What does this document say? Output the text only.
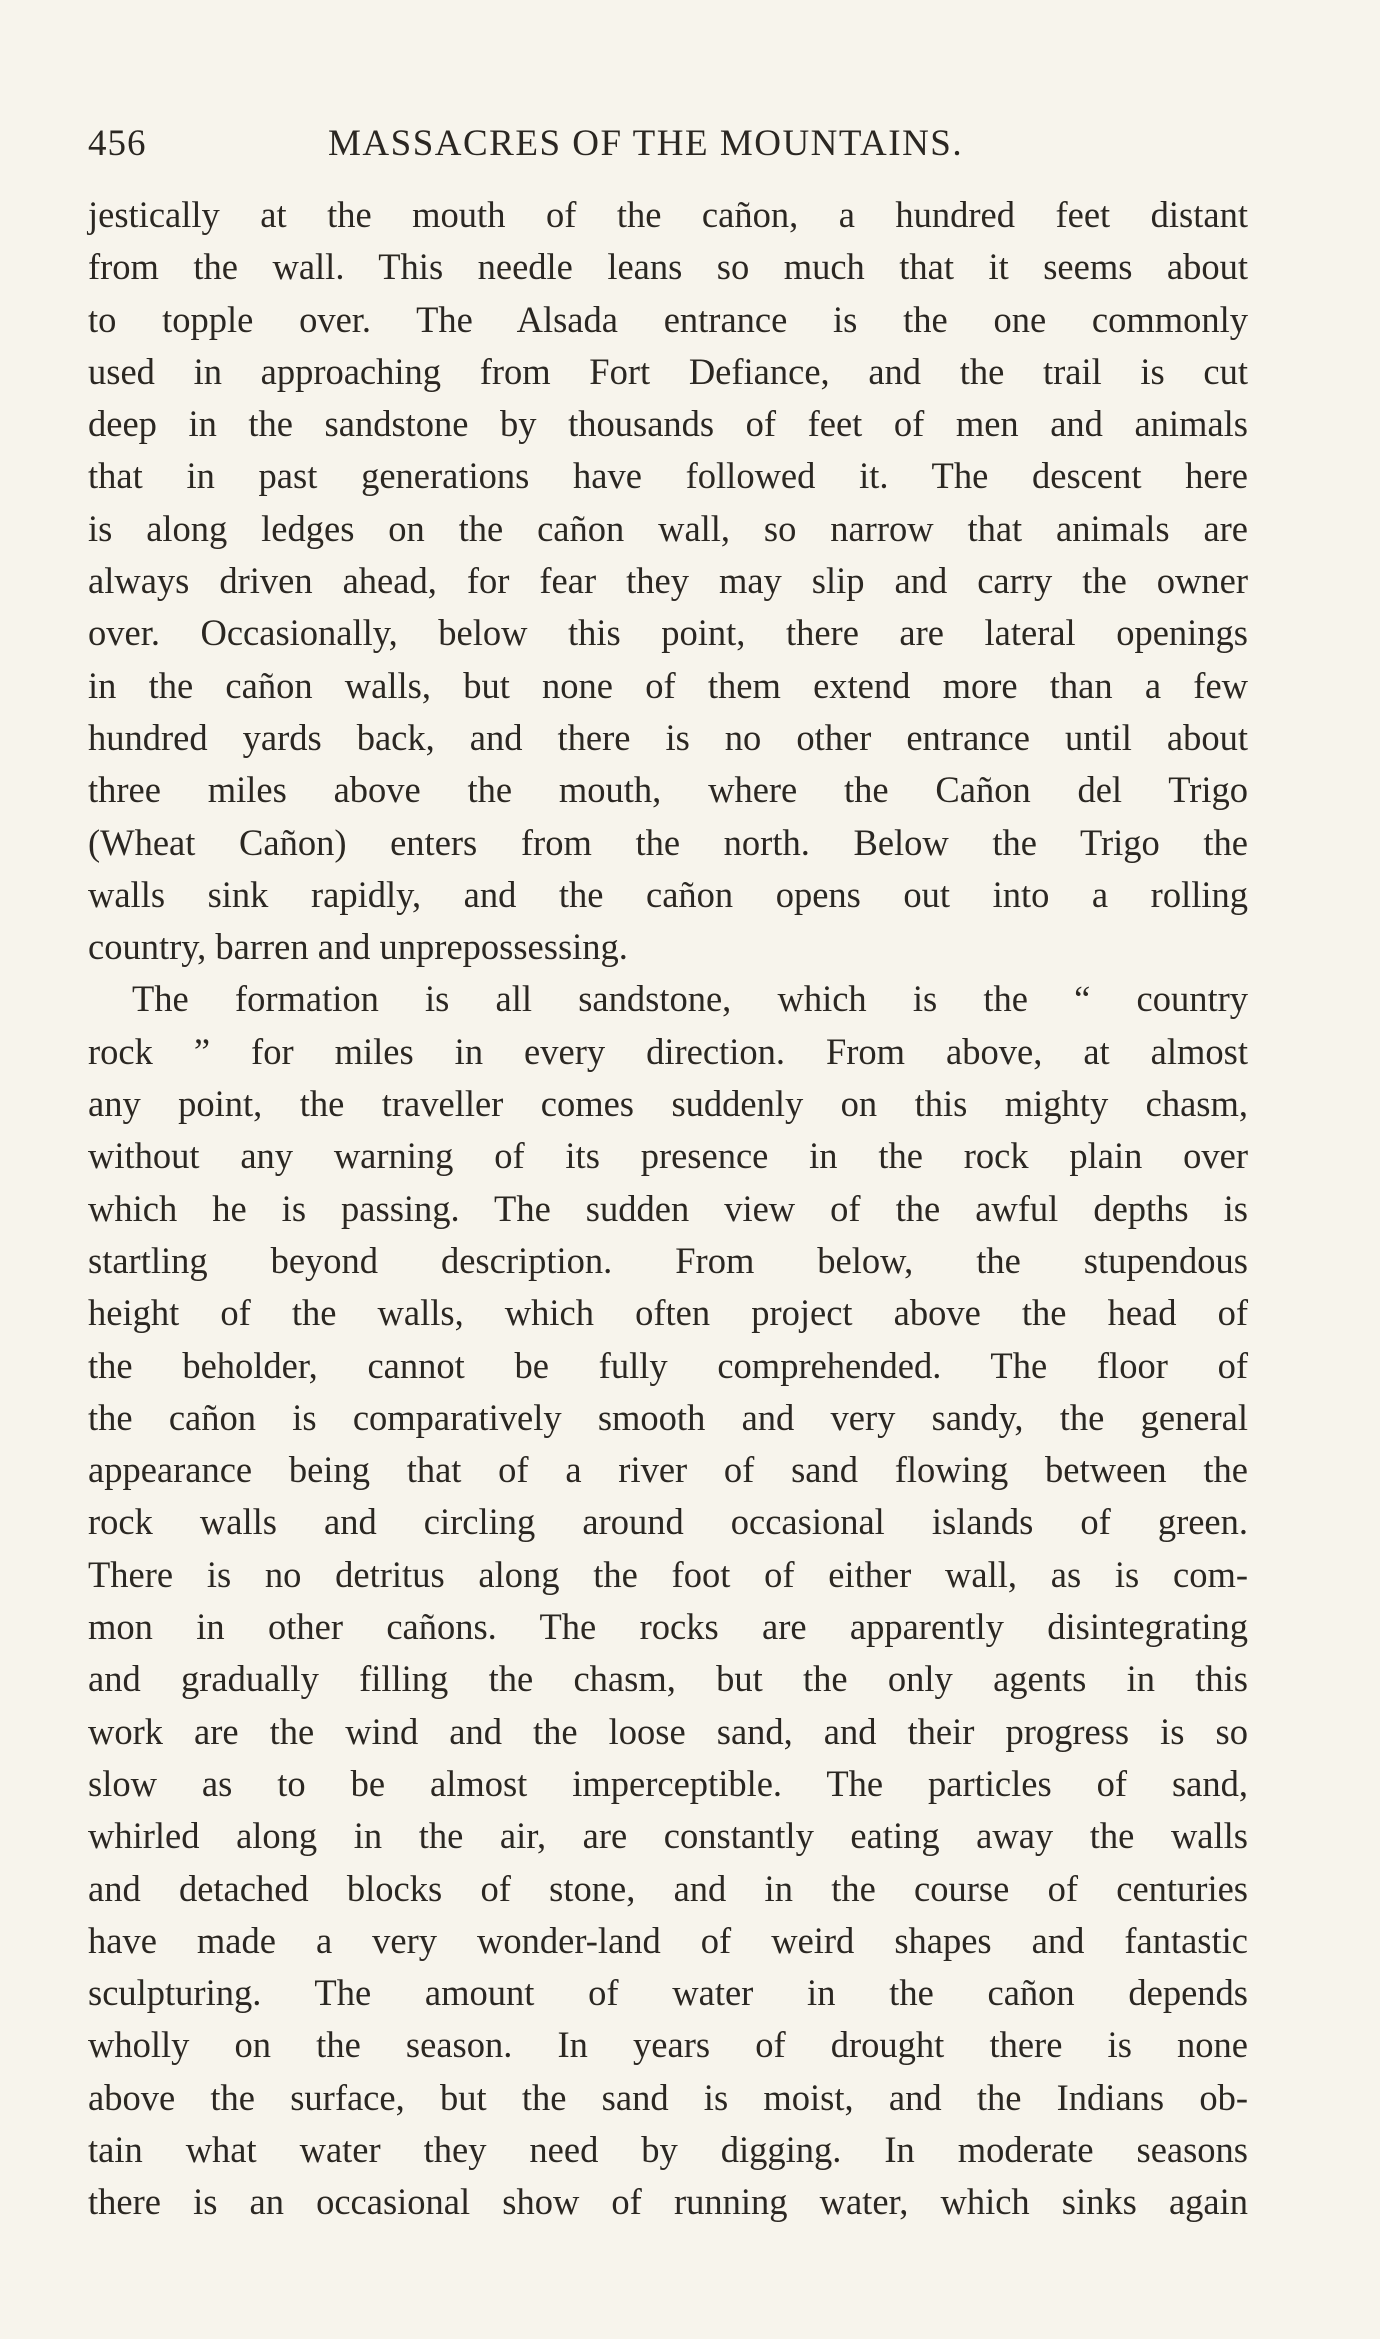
456	MASSACRES OF THE MOUNTAINS.
jestically at the mouth of the cañon, a hundred feet distant
from the wall. This needle leans so much that it seems about
to topple over. The Alsada entrance is the one commonly
used in approaching from Fort Defiance, and the trail is cut
deep in the sandstone by thousands of feet of men and animals
that in past generations have followed it. The descent here
is along ledges on the cañon wall, so narrow that animals are
always driven ahead, for fear they may slip and carry the owner
over. Occasionally, below this point, there are lateral openings
in the cañon walls, but none of them extend more than a few
hundred yards back, and there is no other entrance until about
three miles above the mouth, where the Cañon del Trigo
(Wheat Cañon) enters from the north. Below the Trigo the
walls sink rapidly, and the cañon opens out into a rolling
country, barren and unprepossessing.
The formation is all sandstone, which is the “ country
rock ” for miles in every direction. From above, at almost
any point, the traveller comes suddenly on this mighty chasm,
without any warning of its presence in the rock plain over
which he is passing. The sudden view of the awful depths is
startling beyond description. From below, the stupendous
height of the walls, which often project above the head of
the beholder, cannot be fully comprehended. The floor of
the cañon is comparatively smooth and very sandy, the general
appearance being that of a river of sand flowing between the
rock walls and circling around occasional islands of green.
There is no detritus along the foot of either wall, as is com-
mon in other cañons. The rocks are apparently disintegrating
and gradually filling the chasm, but the only agents in this
work are the wind and the loose sand, and their progress is so
slow as to be almost imperceptible. The particles of sand,
whirled along in the air, are constantly eating away the walls
and detached blocks of stone, and in the course of centuries
have made a very wonder-land of weird shapes and fantastic
sculpturing. The amount of water in the cañon depends
wholly on the season. In years of drought there is none
above the surface, but the sand is moist, and the Indians ob-
tain what water they need by digging. In moderate seasons
there is an occasional show of running water, which sinks again
